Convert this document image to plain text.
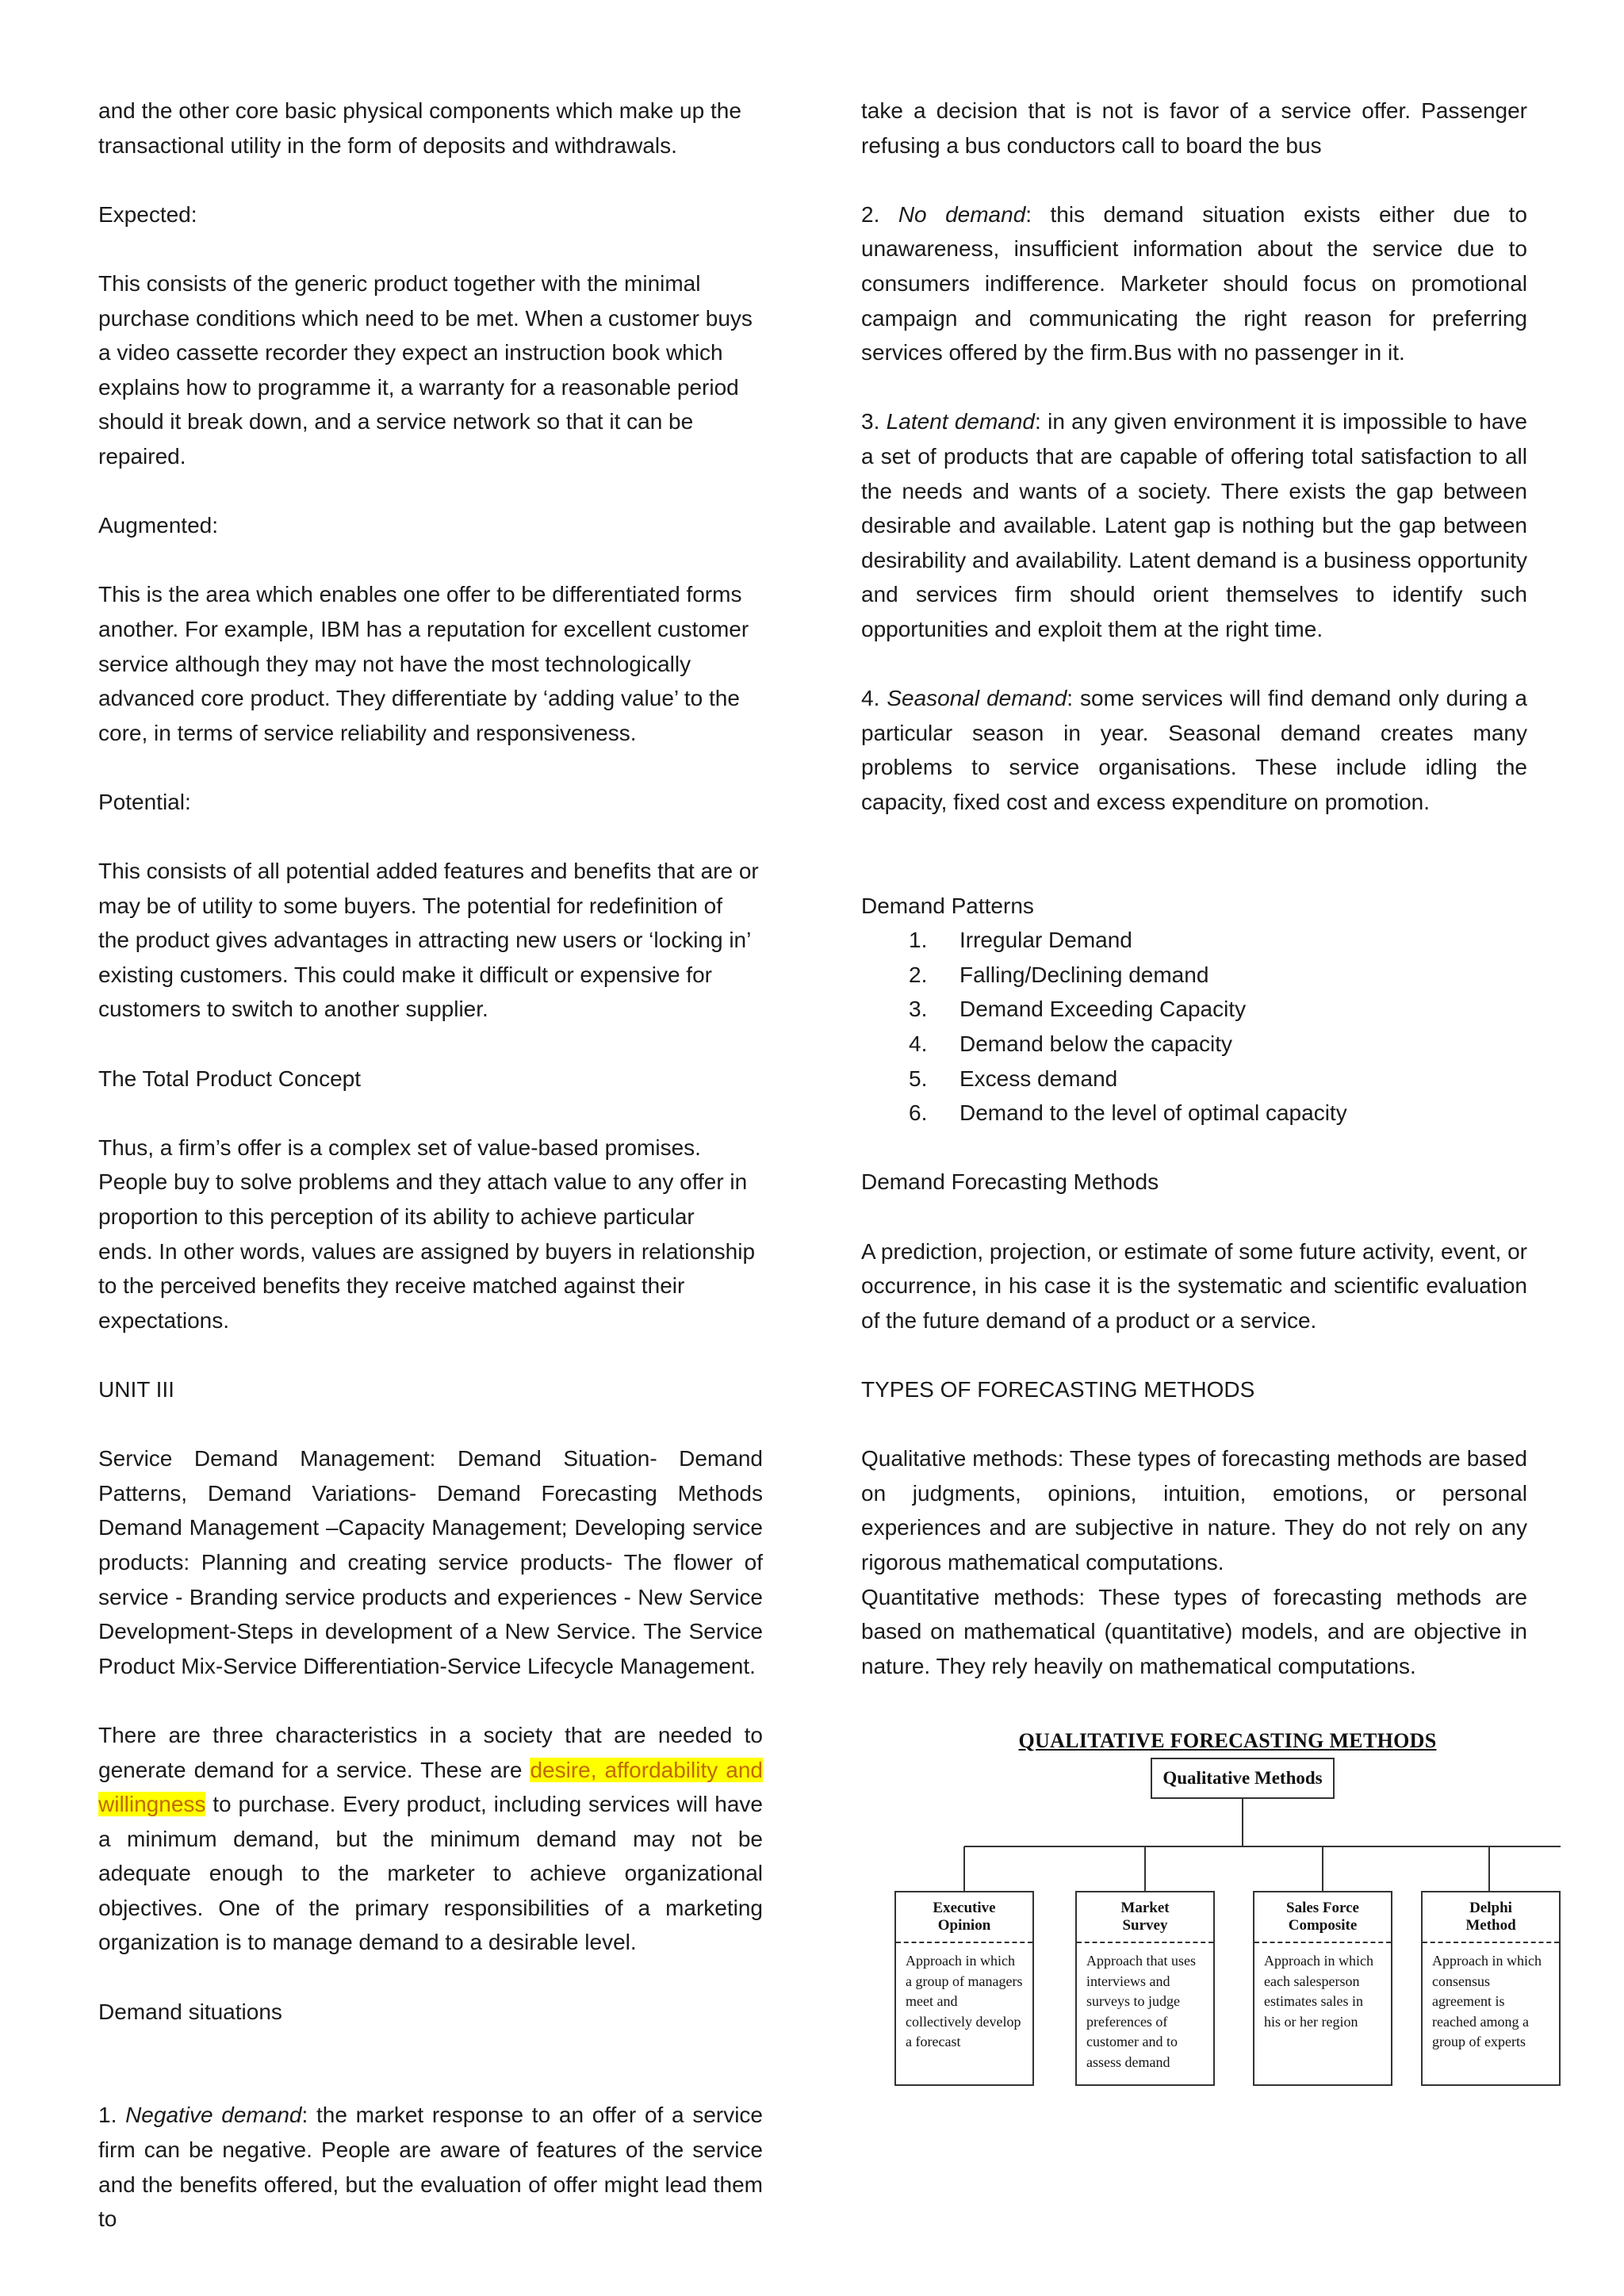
and the other core basic physical components which make up the

transactional utility in the form of deposits and withdrawals.

Expected:

This consists of the generic product together with the minimal

purchase conditions which need to be met. When a customer buys

a video cassette recorder they expect an instruction book which

explains how to programme it, a warranty for a reasonable period

should it break down, and a service network so that it can be

repaired.

Augmented:

This is the area which enables one offer to be differentiated forms

another. For example, IBM has a reputation for excellent customer

service although they may not have the most technologically

advanced core product. They differentiate by ‘adding value’ to the

core, in terms of service reliability and responsiveness.

Potential:

This consists of all potential added features and benefits that are or

may be of utility to some buyers. The potential for redefinition of

the product gives advantages in attracting new users or ‘locking in’

existing customers. This could make it difficult or expensive for

customers to switch to another supplier.

The Total Product Concept

Thus, a firm’s offer is a complex set of value-based promises.

People buy to solve problems and they attach value to any offer in

proportion to this perception of its ability to achieve particular

ends. In other words, values are assigned by buyers in relationship

to the perceived benefits they receive matched against their

expectations.

UNIT III

Service Demand Management: Demand Situation- Demand Patterns, Demand Variations- Demand Forecasting Methods Demand Management –Capacity Management; Developing service products: Planning and creating service products- The flower of service - Branding service products and experiences - New Service Development-Steps in development of a New Service. The Service Product Mix-Service Differentiation-Service Lifecycle Management.

There are three characteristics in a society that are needed to generate demand for a service. These are desire, affordability and willingness to purchase. Every product, including services will have a minimum demand, but the minimum demand may not be adequate enough to the marketer to achieve organizational objectives. One of the primary responsibilities of a marketing organization is to manage demand to a desirable level.

Demand situations

1. Negative demand: the market response to an offer of a service firm can be negative. People are aware of features of the service and the benefits offered, but the evaluation of offer might lead them to

take a decision that is not is favor of a service offer. Passenger refusing a bus conductors call to board the bus

2. No demand: this demand situation exists either due to unawareness, insufficient information about the service due to consumers indifference. Marketer should focus on promotional campaign and communicating the right reason for preferring services offered by the firm.Bus with no passenger in it.

3. Latent demand: in any given environment it is impossible to have a set of products that are capable of offering total satisfaction to all the needs and wants of a society. There exists the gap between desirable and available. Latent gap is nothing but the gap between desirability and availability. Latent demand is a business opportunity and services firm should orient themselves to identify such opportunities and exploit them at the right time.

4. Seasonal demand: some services will find demand only during a particular season in year. Seasonal demand creates many problems to service organisations. These include idling the capacity, fixed cost and excess expenditure on promotion.

Demand Patterns

1. Irregular Demand
2. Falling/Declining demand
3. Demand Exceeding Capacity
4. Demand below the capacity
5. Excess demand
6. Demand to the level of optimal capacity

Demand Forecasting Methods

A prediction, projection, or estimate of some future activity, event, or occurrence, in his case it is the systematic and scientific evaluation of the future demand of a product or a service.

TYPES OF FORECASTING METHODS

Qualitative methods: These types of forecasting methods are based on judgments, opinions, intuition, emotions, or personal experiences and are subjective in nature. They do not rely on any rigorous mathematical computations.

Quantitative methods: These types of forecasting methods are based on mathematical (quantitative) models, and are objective in nature. They rely heavily on mathematical computations.

QUALITATIVE FORECASTING METHODS
Qualitative Methods
Executive
Opinion
Approach in which a group of managers meet and collectively develop a forecast
Market
Survey
Approach that uses interviews and surveys to judge preferences of customer and to assess demand
Sales Force
Composite
Approach in which each salesperson estimates sales in his or her region
Delphi
Method
Approach in which consensus agreement is reached among a group of experts
